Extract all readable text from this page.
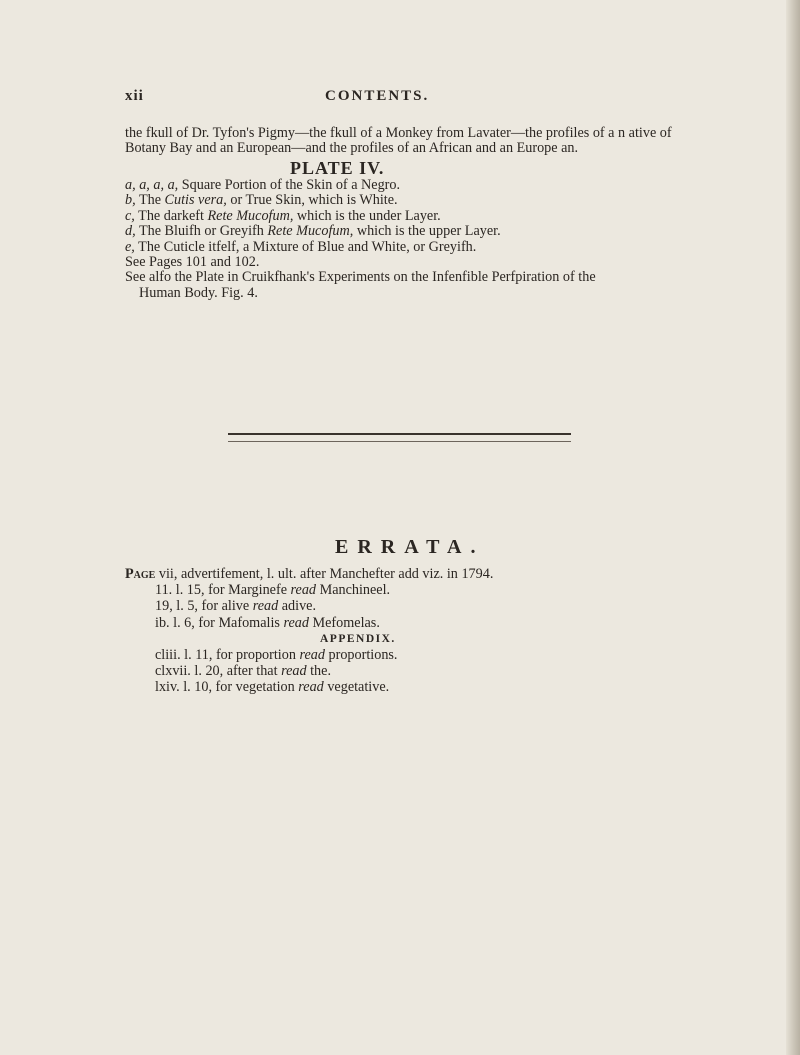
xii	CONTENTS.

the fkull of Dr. Tyfon's Pigmy—the fkull of a Monkey from Lavater—the profiles of a n ative of Botany Bay and an European—and the profiles of an African and an Europe an.

PLATE IV.
a, a, a, a, Square Portion of the Skin of a Negro.
b, The Cutis vera, or True Skin, which is White.
c, The darkeft Rete Mucofum, which is the under Layer.
d, The Bluifh or Greyifh Rete Mucofum, which is the upper Layer.
e, The Cuticle itfelf, a Mixture of Blue and White, or Greyifh.
See Pages 101 and 102.
See alfo the Plate in Cruikfhank's Experiments on the Infenfible Perfpiration of the
Human Body. Fig. 4.
ERRATA.
Page vii, advertifement, l. ult. after Manchefter add viz. in 1794.
11. l. 15, for Marginefe read Manchineel.
19, l. 5, for alive read adive.
ib. l. 6, for Mafomalis read Mefomelas.
APPENDIX.
cliii. l. 11, for proportion read proportions.
clxvii. l. 20, after that read the.
lxiv. l. 10, for vegetation read vegetative.
